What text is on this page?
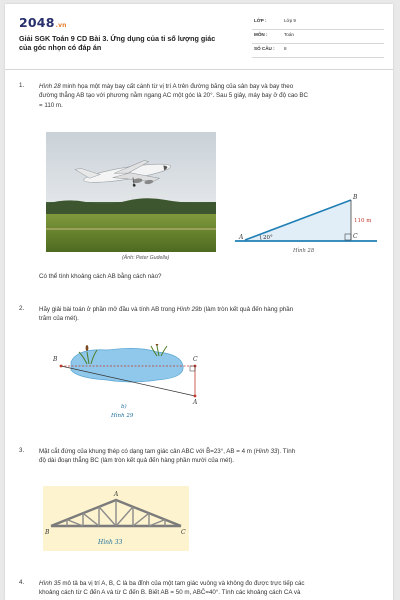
2048.vn
Giải SGK Toán 9 CD Bài 3. Ứng dụng của tỉ số lượng giác
của góc nhọn có đáp án
LỚP :	Lớp 9
MÔN :	Toán
SỐ CÂU : 8
1. Hình 28 minh họa một máy bay cất cánh từ vị trí A trên đường băng của sân bay và bay theo
đường thẳng AB tạo với phương nằm ngang AC một góc là 20°. Sau 5 giây, máy bay ở độ cao BC
= 110 m.
(Ảnh: Peter Gudella)
20°
A
B
C
110 m
Hình 28
Có thể tính khoảng cách AB bằng cách nào?
2. Hãy giải bài toán ở phần mở đầu và tính AB trong Hình 29b (làm tròn kết quả đến hàng phần
trăm của mét).
B	C
A
b)
Hình 29
3. Mặt cắt đứng của khung thép có dạng tam giác cân ABC với B̂=23°, AB = 4 m (Hình 33). Tính
độ dài đoạn thẳng BC (làm tròn kết quả đến hàng phần mười của mét).
A
B	C
Hình 33
4. Hình 35 mô tả ba vị trí A, B, C là ba đỉnh của một tam giác vuông và không đo được trực tiếp các
khoảng cách từ C đến A và từ C đến B. Biết AB = 50 m, ABĈ=40°. Tính các khoảng cách CA và
